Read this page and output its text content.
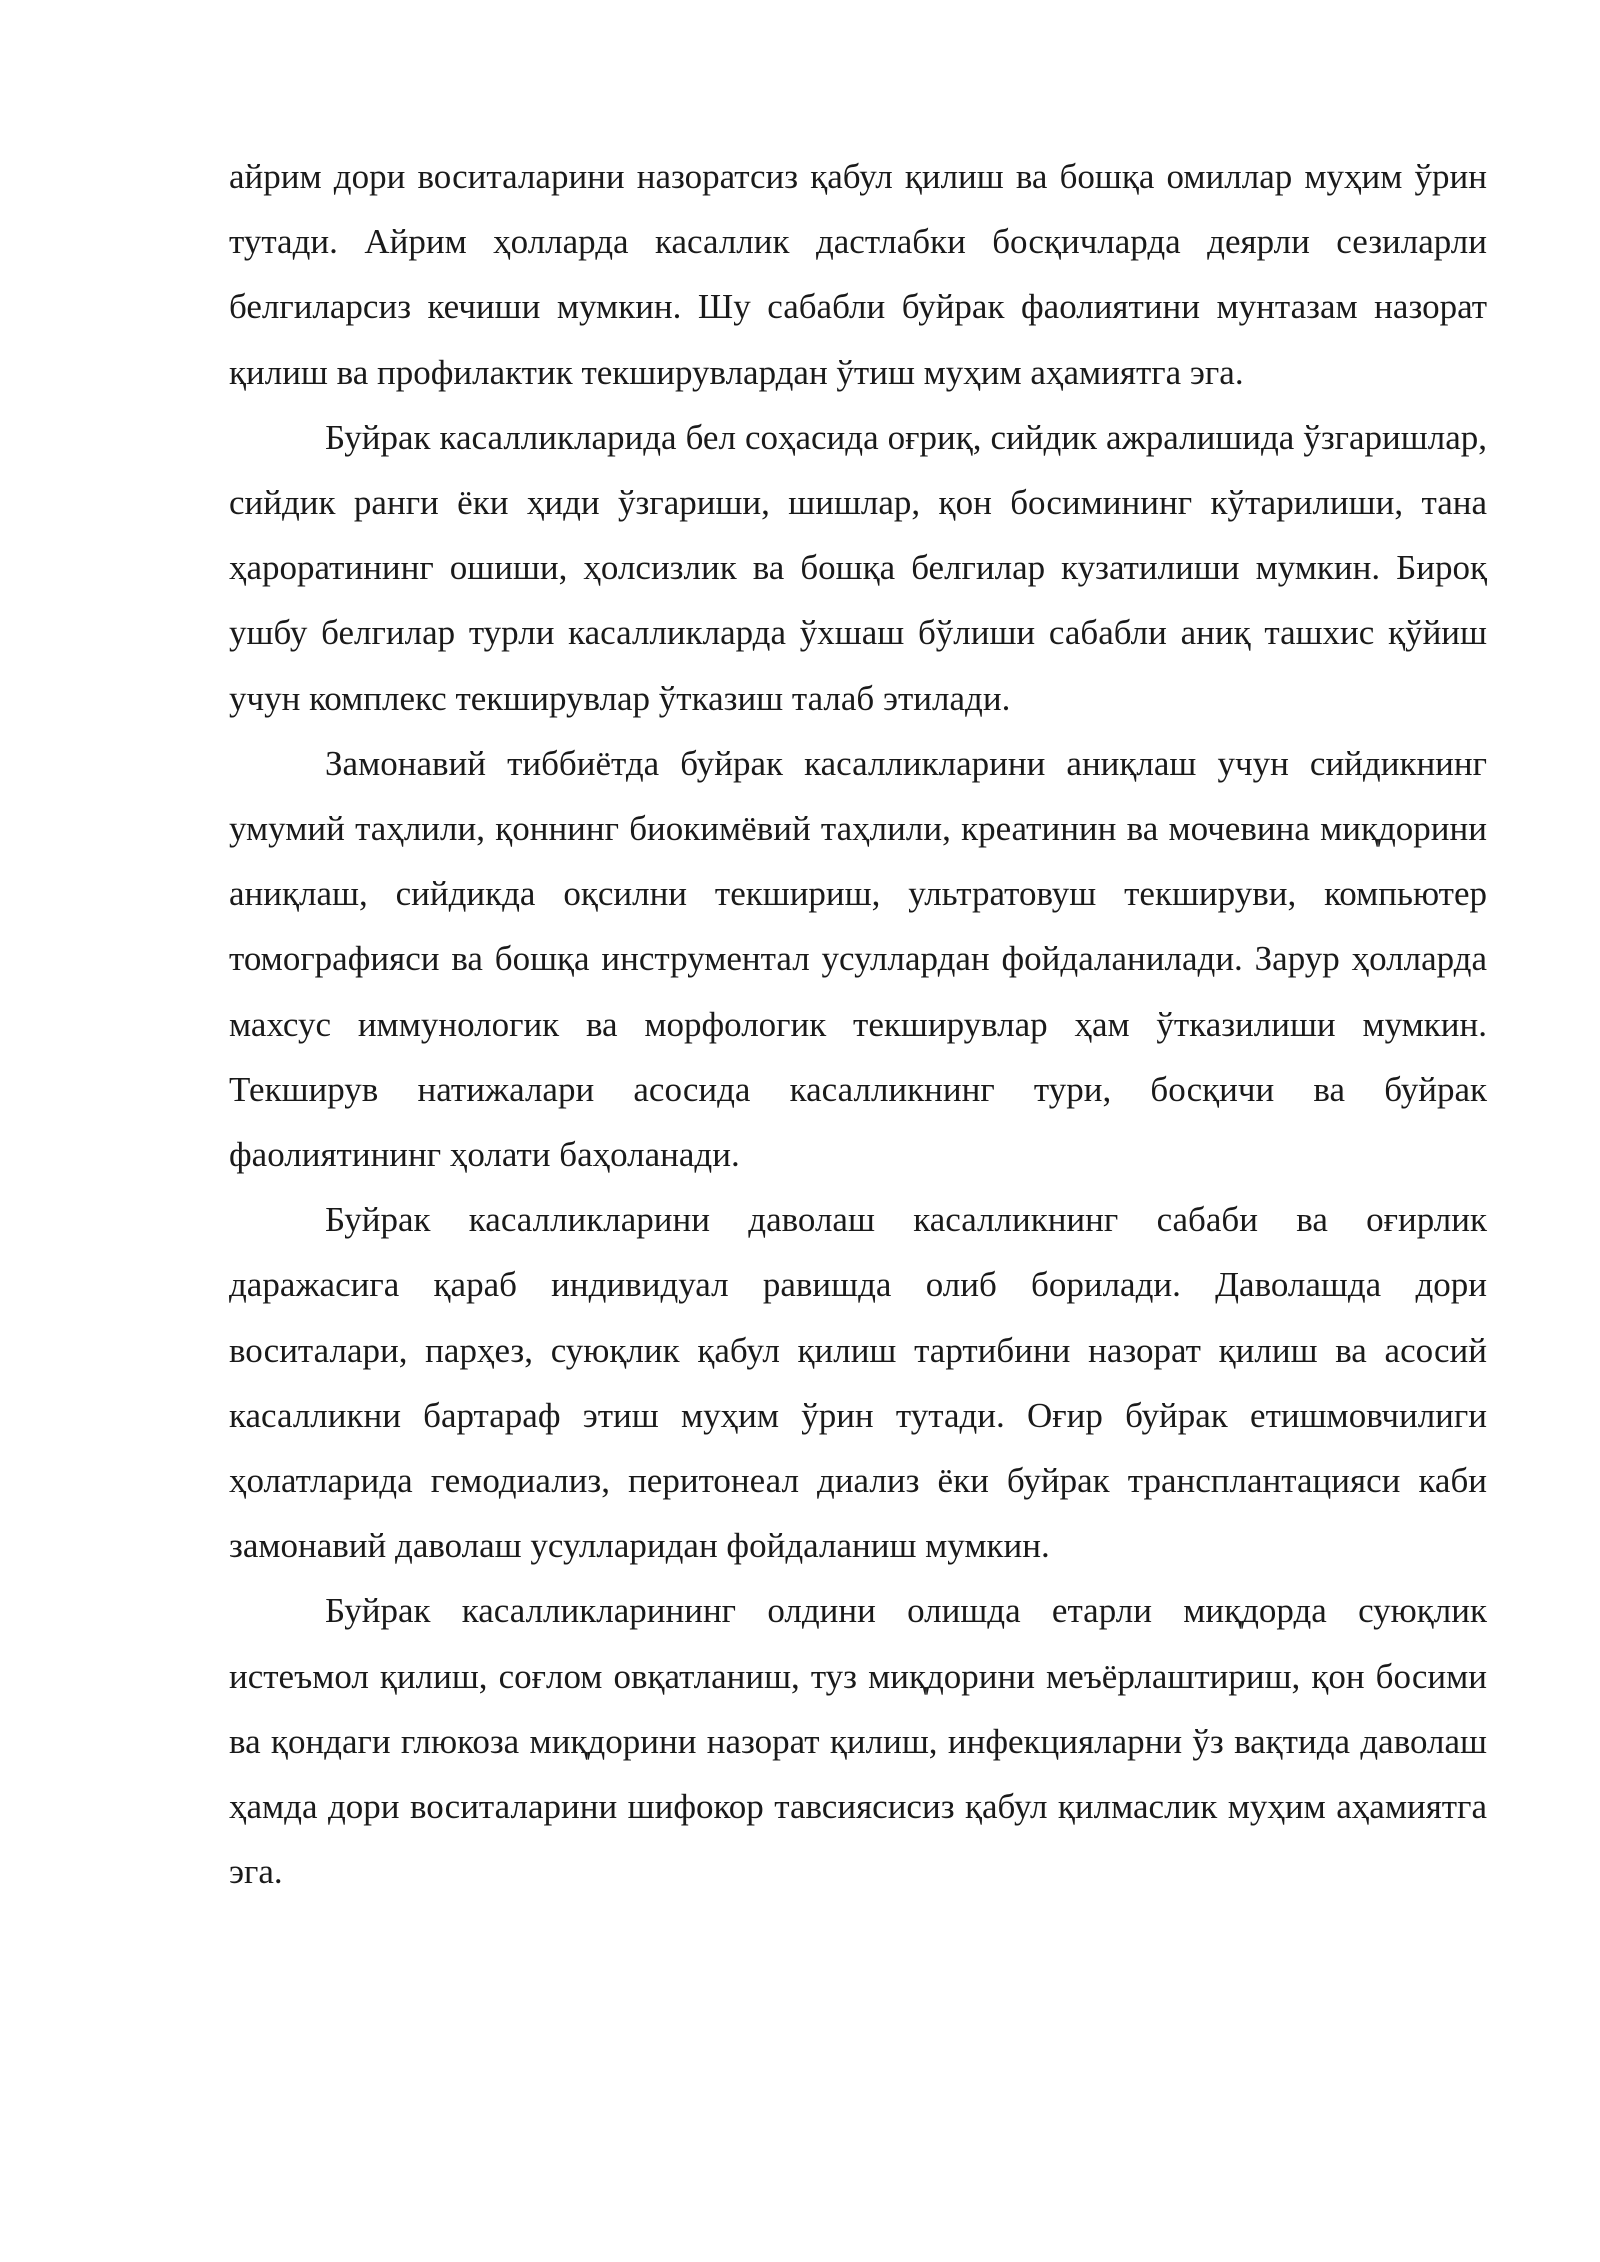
айрим дори воситаларини назоратсиз қабул қилиш ва бошқа омиллар муҳим ўрин тутади. Айрим ҳолларда касаллик дастлабки босқичларда деярли сезиларли белгиларсиз кечиши мумкин. Шу сабабли буйрак фаолиятини мунтазам назорат қилиш ва профилактик текширувлардан ўтиш муҳим аҳамиятга эга.

Буйрак касалликларида бел соҳасида оғриқ, сийдик ажралишида ўзгаришлар, сийдик ранги ёки ҳиди ўзгариши, шишлар, қон босимининг кўтарилиши, тана ҳароратининг ошиши, ҳолсизлик ва бошқа белгилар кузатилиши мумкин. Бироқ ушбу белгилар турли касалликларда ўхшаш бўлиши сабабли аниқ ташхис қўйиш учун комплекс текширувлар ўтказиш талаб этилади.

Замонавий тиббиётда буйрак касалликларини аниқлаш учун сийдикнинг умумий таҳлили, қоннинг биокимёвий таҳлили, креатинин ва мочевина миқдорини аниқлаш, сийдикда оқсилни текшириш, ультратовуш текшируви, компьютер томографияси ва бошқа инструментал усуллардан фойдаланилади. Зарур ҳолларда махсус иммунологик ва морфологик текширувлар ҳам ўтказилиши мумкин. Текширув натижалари асосида касалликнинг тури, босқичи ва буйрак фаолиятининг ҳолати баҳоланади.

Буйрак касалликларини даволаш касалликнинг сабаби ва оғирлик даражасига қараб индивидуал равишда олиб борилади. Даволашда дори воситалари, парҳез, суюқлик қабул қилиш тартибини назорат қилиш ва асосий касалликни бартараф этиш муҳим ўрин тутади. Оғир буйрак етишмовчилиги ҳолатларида гемодиализ, перитонеал диализ ёки буйрак трансплантацияси каби замонавий даволаш усулларидан фойдаланиш мумкин.

Буйрак касалликларининг олдини олишда етарли миқдорда суюқлик истеъмол қилиш, соғлом овқатланиш, туз миқдорини меъёрлаштириш, қон босими ва қондаги глюкоза миқдорини назорат қилиш, инфекцияларни ўз вақтида даволаш ҳамда дори воситаларини шифокор тавсиясисиз қабул қилмаслик муҳим аҳамиятга эга.
